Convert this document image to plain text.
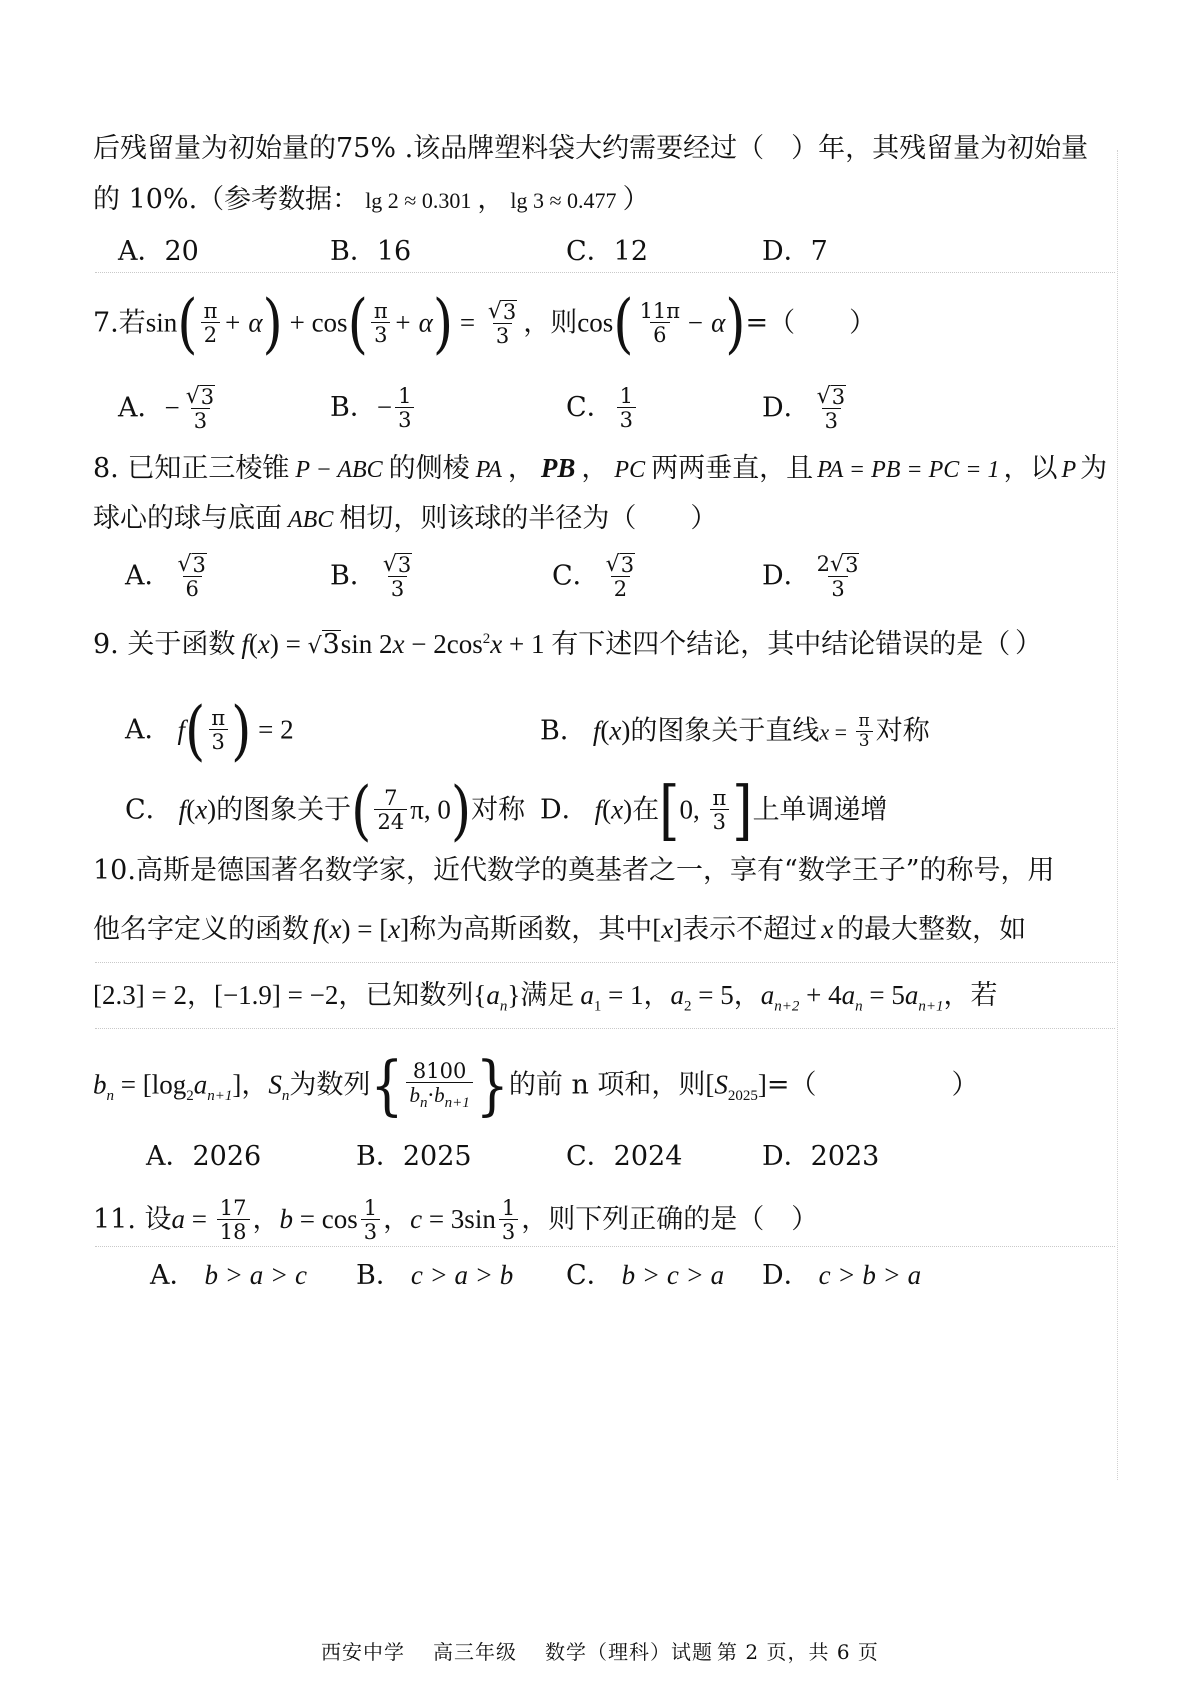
后残留量为初始量的75% .该品牌塑料袋大约需要经过（　）年，其残留量为初始量
的 10%.（参考数据： lg 2 ≈ 0.301 ， lg 3 ≈ 0.477 ）
A．20	B．16	C．12	D．7
7.若$\sin( \frac{\pi}{2} + \alpha) + \cos( \frac{\pi}{3} + \alpha) = \frac{√ 3}{3}$ ，则$\cos( \frac{11\pi}{6} - \alpha)=$（　　）
A．− $\frac{√ 3}{3}$	B．− $\frac{1}{3}$	C． $\frac{1}{3}$	D． $\frac{√ 3}{3}$
8. 已知正三棱锥 P − ABC 的侧棱 PA ， PB ， PC 两两垂直，且 PA = PB = PC = 1 ，以 P 为
球心的球与底面 ABC 相切，则该球的半径为（　　）
A． $\frac{√ 3}{6}$	B． $\frac{√ 3}{3}$	C． $\frac{√ 3}{2}$	D． $\frac{2 √ 3}{3}$
9. 关于函数 f(x) = √ 3 $\sin 2x - 2\cos^2x + 1$ 有下述四个结论，其中结论错误的是（ ）
A． $f( \frac{\pi}{3}$ ) = 2	B． f(x)的图象关于直线$x = \frac{\pi}{3}$ 对称
C． f(x)的图象关于( $\frac{7}{24} \pi$, 0)对称 D． f(x)在[0, $\frac{\pi}{3}$ ]上单调递增
10.高斯是德国著名数学家，近代数学的奠基者之一，享有“数学王子”的称号，用
他名字定义的函数 f(x) = [x]称为高斯函数，其中[x]表示不超过 x 的最大整数，如
[2.3] = 2，[−1.9] = −2，已知数列$\{a_n\}$满足 $a_1 = 1$，$a_2 = 5$，$a_{n+2} + 4a_n = 5a_{n+1}$，若
$b_n = [\log_2a_{n+1}]$，$S_n$为数列{ $\frac{8100}{b_n\cdot b_{n+1}}$ }的前 n 项和，则$[S_{2025}]=$（　　　　　）
A．2026	B．2025	C．2024	D．2023
11. 设$a = \frac{17}{18}$ ，$b = \cos \frac{1}{3}$ ，$c = 3\sin \frac{1}{3}$ ，则下列正确的是（　）
A． b > a > c B． c > a > b C． b > c > a D． c > b > a
西安中学 高三年级 数学（理科）试题 第 2 页，共 6 页
